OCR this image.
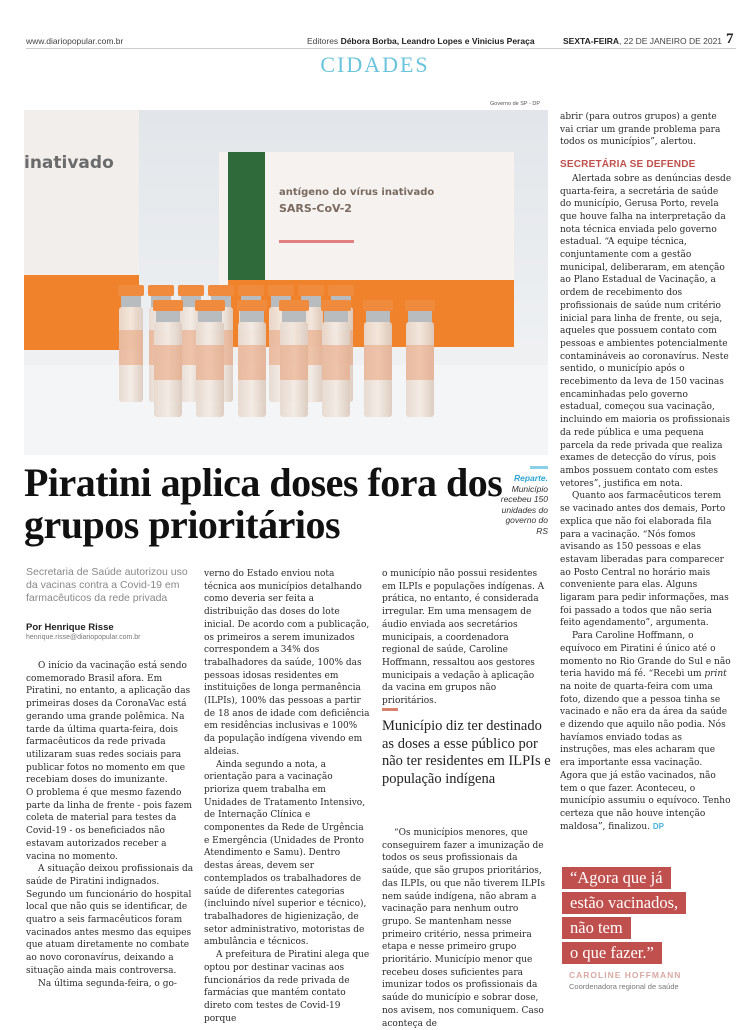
www.diariopopular.com.br	Editores Débora Borba, Leandro Lopes e Vinicius Peraça	SEXTA-FEIRA, 22 DE JANEIRO DE 2021 7
CIDADES
Governo de SP - DP
inativado
antígeno do vírus inativado
SARS-CoV-2
Piratini aplica doses fora dos grupos prioritários
Reparte. Município recebeu 150 unidades do governo do RS
Secretaria de Saúde autorizou uso da vacinas contra a Covid-19 em farmacêuticos da rede privada
Por Henrique Risse
henrique.risse@diariopopular.com.br

O início da vacinação está sendo comemorado Brasil afora. Em Piratini, no entanto, a aplicação das primeiras doses da CoronaVac está gerando uma grande polêmica. Na tarde da última quarta-feira, dois farmacêuticos da rede privada utilizaram suas redes sociais para publicar fotos no momento em que recebiam doses do imunizante.

O problema é que mesmo fazendo parte da linha de frente - pois fazem coleta de material para testes da Covid-19 - os beneficiados não estavam autorizados receber a vacina no momento.

A situação deixou profissionais da saúde de Piratini indignados. Segundo um funcionário do hospital local que não quis se identificar, de quatro a seis farmacêuticos foram vacinados antes mesmo das equipes que atuam diretamente no combate ao novo coronavírus, deixando a situação ainda mais controversa.

Na última segunda-feira, o go-

verno do Estado enviou nota técnica aos municípios detalhando como deveria ser feita a distribuição das doses do lote inicial. De acordo com a publicação, os primeiros a serem imunizados correspondem a 34% dos trabalhadores da saúde, 100% das pessoas idosas residentes em instituições de longa permanência (ILPIs), 100% das pessoas a partir de 18 anos de idade com deficiência em residências inclusivas e 100% da população indígena vivendo em aldeias.

Ainda segundo a nota, a orientação para a vacinação prioriza quem trabalha em Unidades de Tratamento Intensivo, de Internação Clínica e componentes da Rede de Urgência e Emergência (Unidades de Pronto Atendimento e Samu). Dentro destas áreas, devem ser contemplados os trabalhadores de saúde de diferentes categorias (incluindo nível superior e técnico), trabalhadores de higienização, de setor administrativo, motoristas de ambulância e técnicos.

A prefeitura de Piratini alega que optou por destinar vacinas aos funcionários da rede privada de farmácias que mantém contato direto com testes de Covid-19 porque

o município não possui residentes em ILPIs e populações indígenas. A prática, no entanto, é considerada irregular. Em uma mensagem de áudio enviada aos secretários municipais, a coordenadora regional de saúde, Caroline Hoffmann, ressaltou aos gestores municipais a vedação à aplicação da vacina em grupos não prioritários.

Município diz ter destinado as doses a esse público por não ter residentes em ILPIs e população indígena

“Os municípios menores, que conseguirem fazer a imunização de todos os seus profissionais da saúde, que são grupos prioritários, das ILPIs, ou que não tiverem ILPIs nem saúde indígena, não abram a vacinação para nenhum outro grupo. Se mantenham nesse primeiro critério, nessa primeira etapa e nesse primeiro grupo prioritário. Município menor que recebeu doses suficientes para imunizar todos os profissionais da saúde do município e sobrar dose, nos avisem, nos comuniquem. Caso aconteça de

abrir (para outros grupos) a gente vai criar um grande problema para todos os municípios”, alertou.

SECRETÁRIA SE DEFENDE

Alertada sobre as denúncias desde quarta-feira, a secretária de saúde do município, Gerusa Porto, revela que houve falha na interpretação da nota técnica enviada pelo governo estadual. “A equipe técnica, conjuntamente com a gestão municipal, deliberaram, em atenção ao Plano Estadual de Vacinação, a ordem de recebimento dos profissionais de saúde num critério inicial para linha de frente, ou seja, aqueles que possuem contato com pessoas e ambientes potencialmente contamináveis ao coronavírus. Neste sentido, o município após o recebimento da leva de 150 vacinas encaminhadas pelo governo estadual, começou sua vacinação, incluindo em maioria os profissionais da rede pública e uma pequena parcela da rede privada que realiza exames de detecção do vírus, pois ambos possuem contato com estes vetores”, justifica em nota.

Quanto aos farmacêuticos terem se vacinado antes dos demais, Porto explica que não foi elaborada fila para a vacinação. “Nós fomos avisando as 150 pessoas e elas estavam liberadas para comparecer ao Posto Central no horário mais conveniente para elas. Alguns ligaram para pedir informações, mas foi passado a todos que não seria feito agendamento”, argumenta.

Para Caroline Hoffmann, o equívoco em Piratini é único até o momento no Rio Grande do Sul e não teria havido má fé. “Recebi um print na noite de quarta-feira com uma foto, dizendo que a pessoa tinha se vacinado e não era da área da saúde e dizendo que aquilo não podia. Nós havíamos enviado todas as instruções, mas eles acharam que era importante essa vacinação. Agora que já estão vacinados, não tem o que fazer. Aconteceu, o município assumiu o equívoco. Tenho certeza que não houve intenção maldosa”, finalizou. DP

“Agora que já
estão vacinados,
não tem
o que fazer.”
CAROLINE HOFFMANN
Coordenadora regional de saúde
